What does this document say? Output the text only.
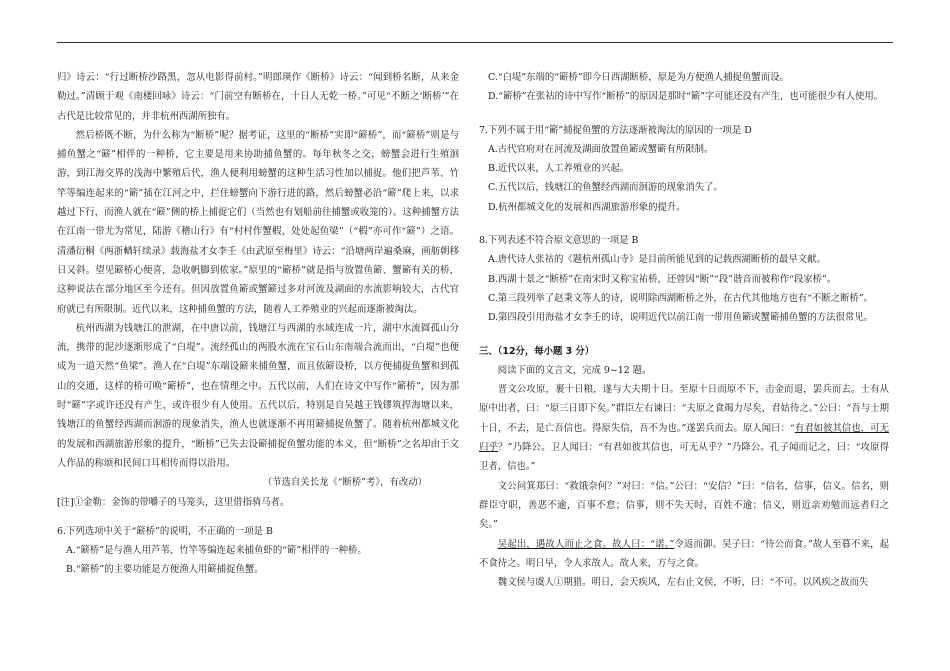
归》诗云：“行过断桥沙路黑，忽从电影得前村。”明郎瑛作《断桥》诗云：“闻到桥名断，从来金勒过。”清顾于观《南楼回咏》诗云：“门前空有断桥在，十日人无乾一桥。”可见“不断之‘断桥’”在古代是比较常见的，并非杭州西湖所独有。

然后桥既不断，为什么称为“断桥”呢？据考证，这里的“断桥”实即“簖桥”，而“簖桥”则是与捕鱼蟹之“簖”相伴的一种桥，它主要是用来协助捕鱼蟹的。每年秋冬之交，螃蟹会进行生殖洄游，到江海交界的浅海中繁殖后代，渔人便利用螃蟹的这种生活习性加以捕捉。他们把芦苇、竹竿等编连起来的“簖”插在江河之中，拦住螃蟹向下游行进的路，然后螃蟹必沿“簖”爬上来，以求越过下行，而渔人就在“簖”侧的桥上捕捉它们（当然也有划船前往捕蟹或收笼的）。这种捕蟹方法在江南一带尤为常见，陆游《稽山行》有“村村作蟹椵，处处起鱼梁”（“椵”亦可作“簖”）之语。清潘衍桐《两浙輶轩续录》载海盐才女李壬《由武原至梅里》诗云：“沿塘两岸遍桑麻，画舫朝移日又斜。望见簖桥心便喜，急收帆脚到侬家。”原里的“簖桥”就是指与放置鱼簖、蟹簖有关的桥，这种说法在部分地区至今还有。但因放置鱼簖或蟹簖过多对河流及湖面的水流影响较大，古代官府就已有所限制。近代以来，这种捕鱼蟹的方法，随着人工养殖业的兴起而逐渐被淘汰。

杭州西湖为钱塘江的泄湖，在中唐以前，钱塘江与西湖的水域连成一片，湖中水流圆孤山分流，携带的泥沙逐渐形成了“白堤”。流经孤山的两股水流在宝石山东南端合流而出，“白堤”也便成为一道天然“鱼梁”。渔人在“白堤”东端设簖来捕鱼蟹，而且依簖设桥，以方便捕捉鱼蟹和到孤山的交通，这样的桥可唤“簖桥”，也在情理之中。五代以前，人们在诗文中写作“簖桥”，因为那时“簖”字或许还没有产生，或许很少有人使用。五代以后，特别是自吴越王钱镠筑捍海塘以来，钱塘江的鱼蟹经西湖而洄游的现象消失，渔人也就逐渐不再用簖捕捉鱼蟹了。随着杭州都城文化的发展和西湖旅游形象的提升，“断桥”已失去设簖捕捉鱼蟹功能的本义，但“断桥”之名却由于文人作品的称颂和民间口耳相传而得以沿用。

（节选自关长龙《“断桥”考》，有改动）

[注]①金勒：金饰的带嚼子的马笼头，这里借指骑马者。

6.下列选项中关于“簖桥”的说明，不正确的一项是 B

A.“簖桥”是与渔人用芦苇、竹竿等编连起来捕鱼虾的“簖”相伴的一种桥。

B.“簖桥”的主要功能是方便渔人用簖捕捉鱼蟹。

C.“白堤”东端的“簖桥”即今日西湖断桥，原是为方便渔人捕捉鱼蟹而设。

D.“簖桥”在张祜的诗中写作“断桥”的原因是那时“簖”字可能还没有产生，也可能很少有人使用。

7.下列不属于用“簖”捕捉鱼蟹的方法逐渐被淘汰的原因的一项是 D

A.古代官府对在河流及湖面放置鱼簖或蟹簖有所限制。

B.近代以来，人工养殖业的兴起。

C.五代以后，钱塘江的鱼蟹经西湖而洄游的现象消失了。

D.杭州都城文化的发展和西湖旅游形象的提升。

8.下列表述不符合原文意思的一项是 B

A.唐代诗人张祜的《题杭州孤山寺》是目前所能见到的记载西湖断桥的最早文献。

B.西湖十景之“断桥”在南宋时又称宝祐桥，还曾因“断”“段”谐音而被称作“段家桥”。

C.第三段列举了赵秉文等人的诗，说明除西湖断桥之外，在古代其他地方也有“不断之断桥”。

D.第四段引用海盐才女李壬的诗，说明近代以前江南一带用鱼簖或蟹簖捕鱼蟹的方法很常见。

三、（12分，每小题 3 分）

阅读下面的文言文，完成 9~12 题。

晋文公攻原，裹十日粮，遂与大夫期十日。至原十日而原不下，击金而退，罢兵而去。士有从原中出者，曰：“原三日即下矣。”群臣左右谏曰：“夫原之食竭力尽矣，君姑待之。”公曰：“吾与士期十日，不去，是亡吾信也。得原失信，吾不为也。”遂罢兵而去。原人闻曰：“有君如彼其信也，可无归乎？”乃降公。卫人闻曰：“有君如彼其信也，可无从乎？”乃降公。孔子闻而记之，曰：“攻原得卫者，信也。”

文公问箕郑曰：“救饿奈何？”对曰：“信。”公曰：“安信？”曰：“信名，信事，信义。信名，则群臣守职，善恶不逾，百事不怠；信事，则不失天时，百姓不逾；信义，则近亲劝勉而远者归之矣。”

吴起出，遇故人而止之食。故人曰：“诺。”令返而御。吴子曰：“待公而食。”故人至暮不来，起不食待之。明日早，令人求故人。故人来，方与之食。

魏文侯与虞人①期猎。明日，会天疾风，左右止文侯，不听，曰：“不可。以风疾之故而失
